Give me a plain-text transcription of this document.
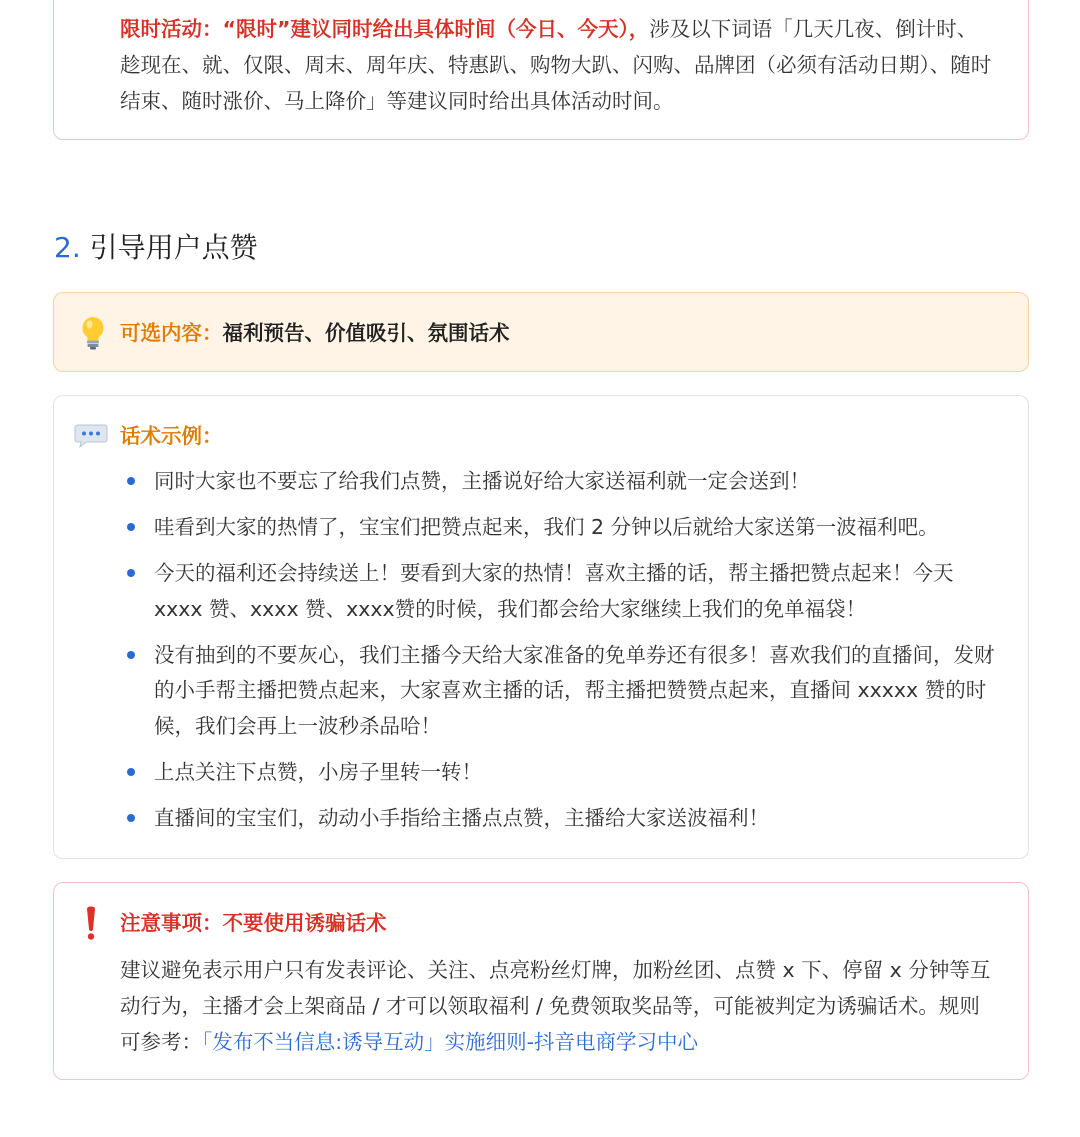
限时活动：“限时”建议同时给出具体时间（今日、今天），涉及以下词语「几天几夜、倒计时、趁现在、就、仅限、周末、周年庆、特惠趴、购物大趴、闪购、品牌团（必须有活动日期）、随时结束、随时涨价、马上降价」等建议同时给出具体活动时间。
2. 引导用户点赞
可选内容：福利预告、价值吸引、氛围话术
话术示例：
同时大家也不要忘了给我们点赞，主播说好给大家送福利就一定会送到！
哇看到大家的热情了，宝宝们把赞点起来，我们 2 分钟以后就给大家送第一波福利吧。
今天的福利还会持续送上！要看到大家的热情！喜欢主播的话，帮主播把赞点起来！今天 xxxx 赞、xxxx 赞、xxxx赞的时候，我们都会给大家继续上我们的免单福袋！
没有抽到的不要灰心，我们主播今天给大家准备的免单券还有很多！喜欢我们的直播间，发财的小手帮主播把赞点起来，大家喜欢主播的话，帮主播把赞赞点起来，直播间 xxxxx 赞的时候，我们会再上一波秒杀品哈！
上点关注下点赞，小房子里转一转！
直播间的宝宝们，动动小手指给主播点点赞，主播给大家送波福利！
注意事项：不要使用诱骗话术
建议避免表示用户只有发表评论、关注、点亮粉丝灯牌，加粉丝团、点赞 x 下、停留 x 分钟等互动行为，主播才会上架商品 / 才可以领取福利 / 免费领取奖品等，可能被判定为诱骗话术。规则可参考：「发布不当信息:诱导互动」实施细则-抖音电商学习中心
